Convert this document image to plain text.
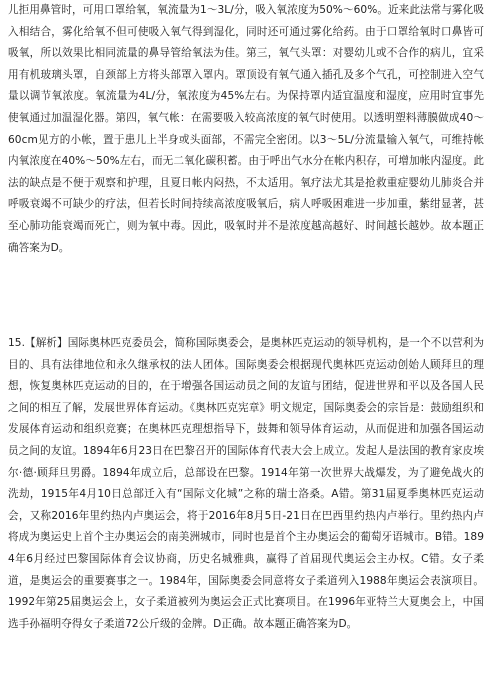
儿拒用鼻管时，可用口罩给氧，氧流量为1～3L/分，吸入氧浓度为50%～60%。近来此法常与雾化吸入相结合，雾化给氧不但可使吸入氧气得到湿化，同时还可通过雾化给药。由于口罩给氧时口鼻皆可吸氧，所以效果比相同流量的鼻导管给氧法为佳。第三，氧气头罩：对婴幼儿或不合作的病儿，宜采用有机玻璃头罩，自颈部上方将头部罩入罩内。罩顶设有氧气通入插孔及多个气孔，可控制进入空气量以调节氧浓度。氧流量为4L/分，氧浓度为45%左右。为保持罩内适宜温度和湿度，应用时宜事先使氧通过加温湿化器。第四，氧气帐：在需要吸入较高浓度的氧气时使用。以透明塑料薄膜做成40～60cm见方的小帐，置于患儿上半身或头面部，不需完全密闭。以3～5L/分流量输入氧气，可维持帐内氧浓度在40%～50%左右，而无二氧化碳积蓄。由于呼出气水分在帐内积存，可增加帐内湿度。此法的缺点是不便于观察和护理，且夏日帐内闷热，不太适用。氧疗法尤其是抢救重症婴幼儿肺炎合并呼吸衰竭不可缺少的疗法，但若长时间持续高浓度吸氧后，病人呼吸困难进一步加重，紫绀显著，甚至心肺功能衰竭而死亡，则为氧中毒。因此，吸氧时并不是浓度越高越好、时间越长越妙。故本题正确答案为D。

15.【解析】国际奥林匹克委员会，简称国际奥委会，是奥林匹克运动的领导机构，是一个不以营利为目的、具有法律地位和永久继承权的法人团体。国际奥委会根据现代奥林匹克运动创始人顾拜旦的理想，恢复奥林匹克运动的目的，在于增强各国运动员之间的友谊与团结，促进世界和平以及各国人民之间的相互了解，发展世界体育运动。《奥林匹克宪章》明文规定，国际奥委会的宗旨是：鼓励组织和发展体育运动和组织竞赛；在奥林匹克理想指导下，鼓舞和领导体育运动，从而促进和加强各国运动员之间的友谊。1894年6月23日在巴黎召开的国际体育代表大会上成立。发起人是法国的教育家皮埃尔·德·顾拜旦男爵。1894年成立后，总部设在巴黎。1914年第一次世界大战爆发，为了避免战火的洗劫，1915年4月10日总部迁入有“国际文化城”之称的瑞士洛桑。A错。第31届夏季奥林匹克运动会，又称2016年里约热内卢奥运会，将于2016年8月5日-21日在巴西里约热内卢举行。里约热内卢将成为奥运史上首个主办奥运会的南美洲城市，同时也是首个主办奥运会的葡萄牙语城市。B错。1894年6月经过巴黎国际体育会议协商，历史名城雅典，赢得了首届现代奥运会主办权。C错。女子柔道，是奥运会的重要赛事之一。1984年，国际奥委会同意将女子柔道列入1988年奥运会表演项目。1992年第25届奥运会上，女子柔道被列为奥运会正式比赛项目。在1996年亚特兰大夏奥会上，中国选手孙福明夺得女子柔道72公斤级的金牌。D正确。故本题正确答案为D。
